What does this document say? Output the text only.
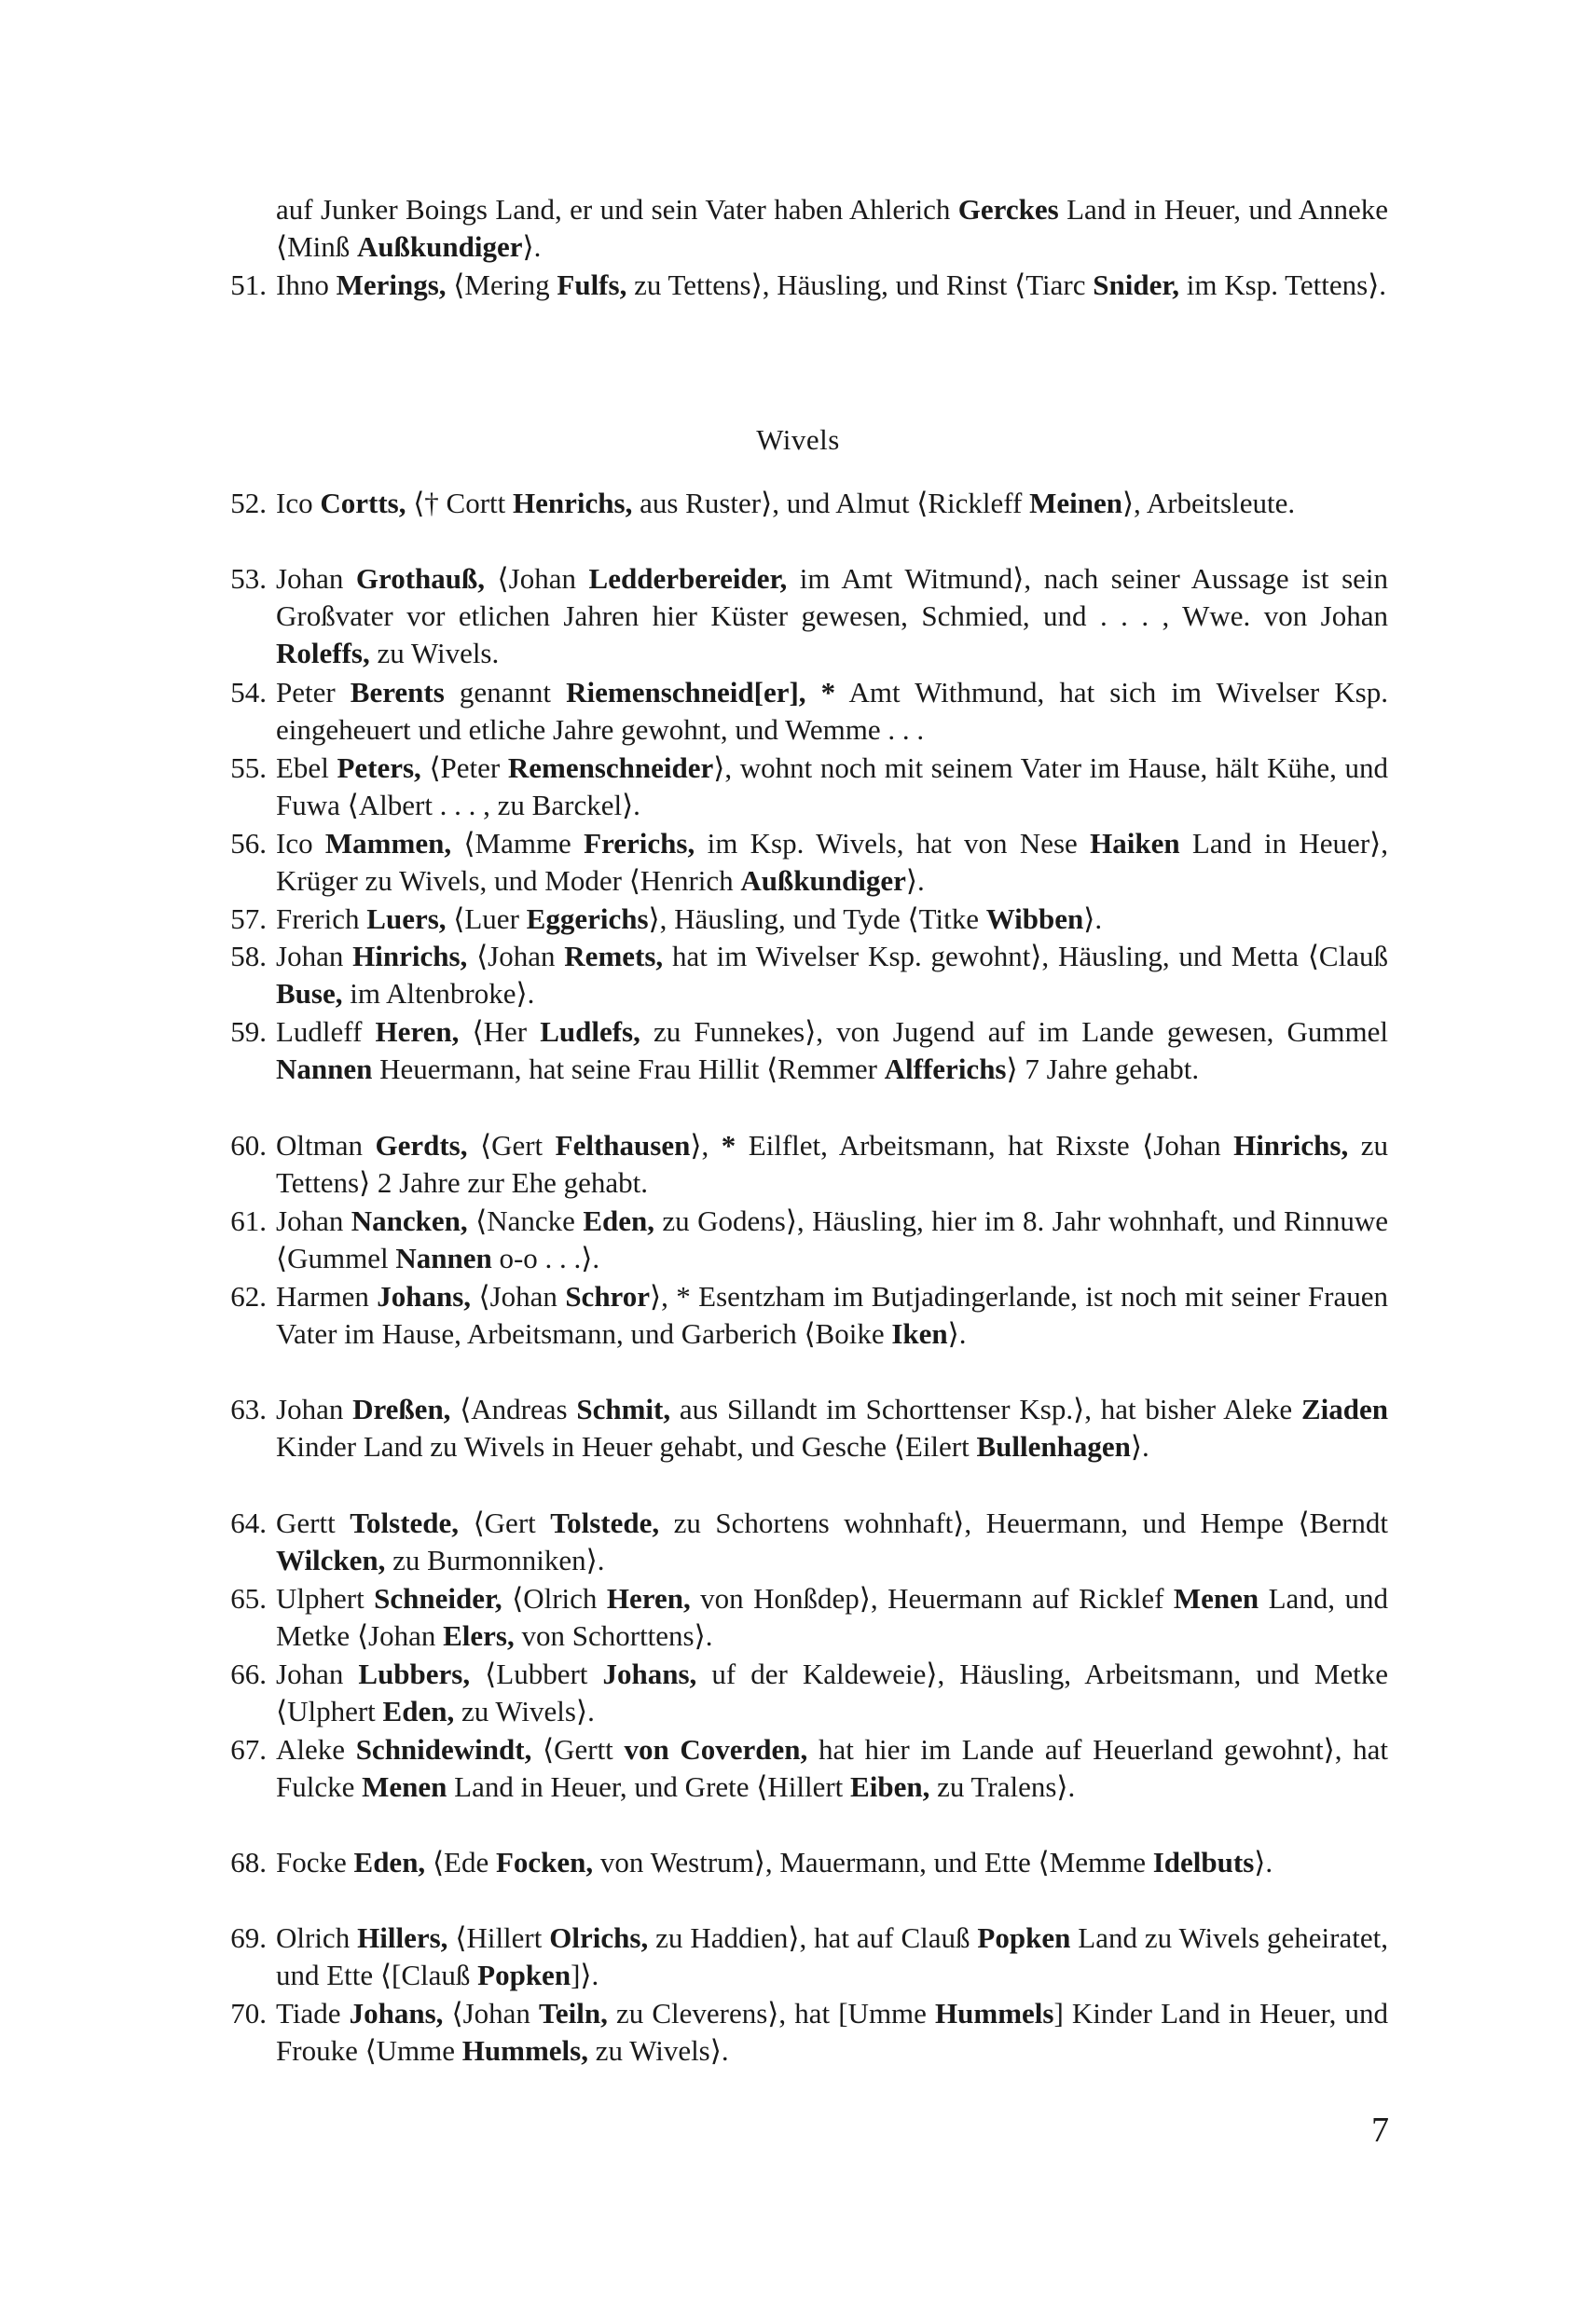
Wivels
auf Junker Boings Land, er und sein Vater haben Ahlerich Gerckes Land in Heuer, und Anneke ⟨Minß Außkundiger⟩.
51. Ihno Merings, ⟨Mering Fulfs, zu Tettens⟩, Häusling, und Rinst ⟨Tiarc Snider, im Ksp. Tettens⟩.
52. Ico Cortts, ⟨† Cortt Henrichs, aus Ruster⟩, und Almut ⟨Rickleff Meinen⟩, Arbeitsleute.
53. Johan Grothauß, ⟨Johan Ledderbereider, im Amt Witmund⟩, nach seiner Aussage ist sein Großvater vor etlichen Jahren hier Küster gewesen, Schmied, und . . . , Wwe. von Johan Roleffs, zu Wivels.
54. Peter Berents genannt Riemenschneid[er], * Amt Withmund, hat sich im Wivelser Ksp. eingeheuert und etliche Jahre gewohnt, und Wemme . . .
55. Ebel Peters, ⟨Peter Remenschneider⟩, wohnt noch mit seinem Vater im Hause, hält Kühe, und Fuwa ⟨Albert . . . , zu Barckel⟩.
56. Ico Mammen, ⟨Mamme Frerichs, im Ksp. Wivels, hat von Nese Haiken Land in Heuer⟩, Krüger zu Wivels, und Moder ⟨Henrich Außkundiger⟩.
57. Frerich Luers, ⟨Luer Eggerichs⟩, Häusling, und Tyde ⟨Titke Wibben⟩.
58. Johan Hinrichs, ⟨Johan Remets, hat im Wivelser Ksp. gewohnt⟩, Häusling, und Metta ⟨Clauß Buse, im Altenbroke⟩.
59. Ludleff Heren, ⟨Her Ludlefs, zu Funnekes⟩, von Jugend auf im Lande gewesen, Gummel Nannen Heuermann, hat seine Frau Hillit ⟨Remmer Alfferichs⟩ 7 Jahre gehabt.
60. Oltman Gerdts, ⟨Gert Felthausen⟩, * Eilflet, Arbeitsmann, hat Rixste ⟨Johan Hinrichs, zu Tettens⟩ 2 Jahre zur Ehe gehabt.
61. Johan Nancken, ⟨Nancke Eden, zu Godens⟩, Häusling, hier im 8. Jahr wohnhaft, und Rinnuwe ⟨Gummel Nannen o-o . . .⟩.
62. Harmen Johans, ⟨Johan Schror⟩, * Esentzham im Butjadingerlande, ist noch mit seiner Frauen Vater im Hause, Arbeitsmann, und Garberich ⟨Boike Iken⟩.
63. Johan Dreßen, ⟨Andreas Schmit, aus Sillandt im Schorttenser Ksp.⟩, hat bisher Aleke Ziaden Kinder Land zu Wivels in Heuer gehabt, und Gesche ⟨Eilert Bullenhagen⟩.
64. Gertt Tolstede, ⟨Gert Tolstede, zu Schortens wohnhaft⟩, Heuermann, und Hempe ⟨Berndt Wilcken, zu Burmonniken⟩.
65. Ulphert Schneider, ⟨Olrich Heren, von Honßdep⟩, Heuermann auf Ricklef Menen Land, und Metke ⟨Johan Elers, von Schorttens⟩.
66. Johan Lubbers, ⟨Lubbert Johans, uf der Kaldeweie⟩, Häusling, Arbeitsmann, und Metke ⟨Ulphert Eden, zu Wivels⟩.
67. Aleke Schnidewindt, ⟨Gertt von Coverden, hat hier im Lande auf Heuerland gewohnt⟩, hat Fulcke Menen Land in Heuer, und Grete ⟨Hillert Eiben, zu Tralens⟩.
68. Focke Eden, ⟨Ede Focken, von Westrum⟩, Mauermann, und Ette ⟨Memme Idelbuts⟩.
69. Olrich Hillers, ⟨Hillert Olrichs, zu Haddien⟩, hat auf Clauß Popken Land zu Wivels geheiratet, und Ette ⟨[Clauß Popken]⟩.
70. Tiade Johans, ⟨Johan Teiln, zu Cleverens⟩, hat [Umme Hummels] Kinder Land in Heuer, und Frouke ⟨Umme Hummels, zu Wivels⟩.
7
